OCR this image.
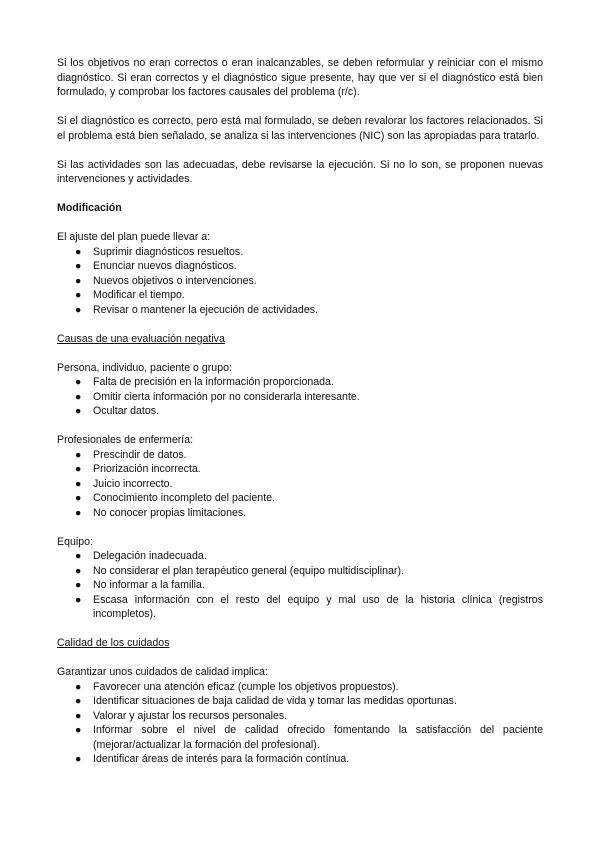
Si los objetivos no eran correctos o eran inalcanzables, se deben reformular y reiniciar con el mismo diagnóstico. Si eran correctos y el diagnóstico sigue presente, hay que ver si el diagnóstico está bien formulado, y comprobar los factores causales del problema (r/c).

Si el diagnóstico es correcto, pero está mal formulado, se deben revalorar los factores relacionados. Si el problema está bien señalado, se analiza si las intervenciones (NIC) son las apropiadas para tratarlo.

Si las actividades son las adecuadas, debe revisarse la ejecución. Si no lo son, se proponen nuevas intervenciones y actividades.

Modificación

El ajuste del plan puede llevar a:

● Suprimir diagnósticos resueltos.
● Enunciar nuevos diagnósticos.
● Nuevos objetivos o intervenciones.
● Modificar el tiempo.
● Revisar o mantener la ejecución de actividades.

Causas de una evaluación negativa

Persona, individuo, paciente o grupo:

● Falta de precisión en la información proporcionada.
● Omitir cierta información por no considerarla interesante.
● Ocultar datos.

Profesionales de enfermería:

● Prescindir de datos.
● Priorización incorrecta.
● Juicio incorrecto.
● Conocimiento incompleto del paciente.
● No conocer propias limitaciones.

Equipo:

● Delegación inadecuada.
● No considerar el plan terapéutico general (equipo multidisciplinar).
● No informar a la familia.
● Escasa información con el resto del equipo y mal uso de la historia clínica (registros incompletos).

Calidad de los cuidados

Garantizar unos cuidados de calidad implica:

● Favorecer una atención eficaz (cumple los objetivos propuestos).
● Identificar situaciones de baja calidad de vida y tomar las medidas oportunas.
● Valorar y ajustar los recursos personales.
● Informar sobre el nivel de calidad ofrecido fomentando la satisfacción del paciente (mejorar/actualizar la formación del profesional).
● Identificar áreas de interés para la formación contínua.
